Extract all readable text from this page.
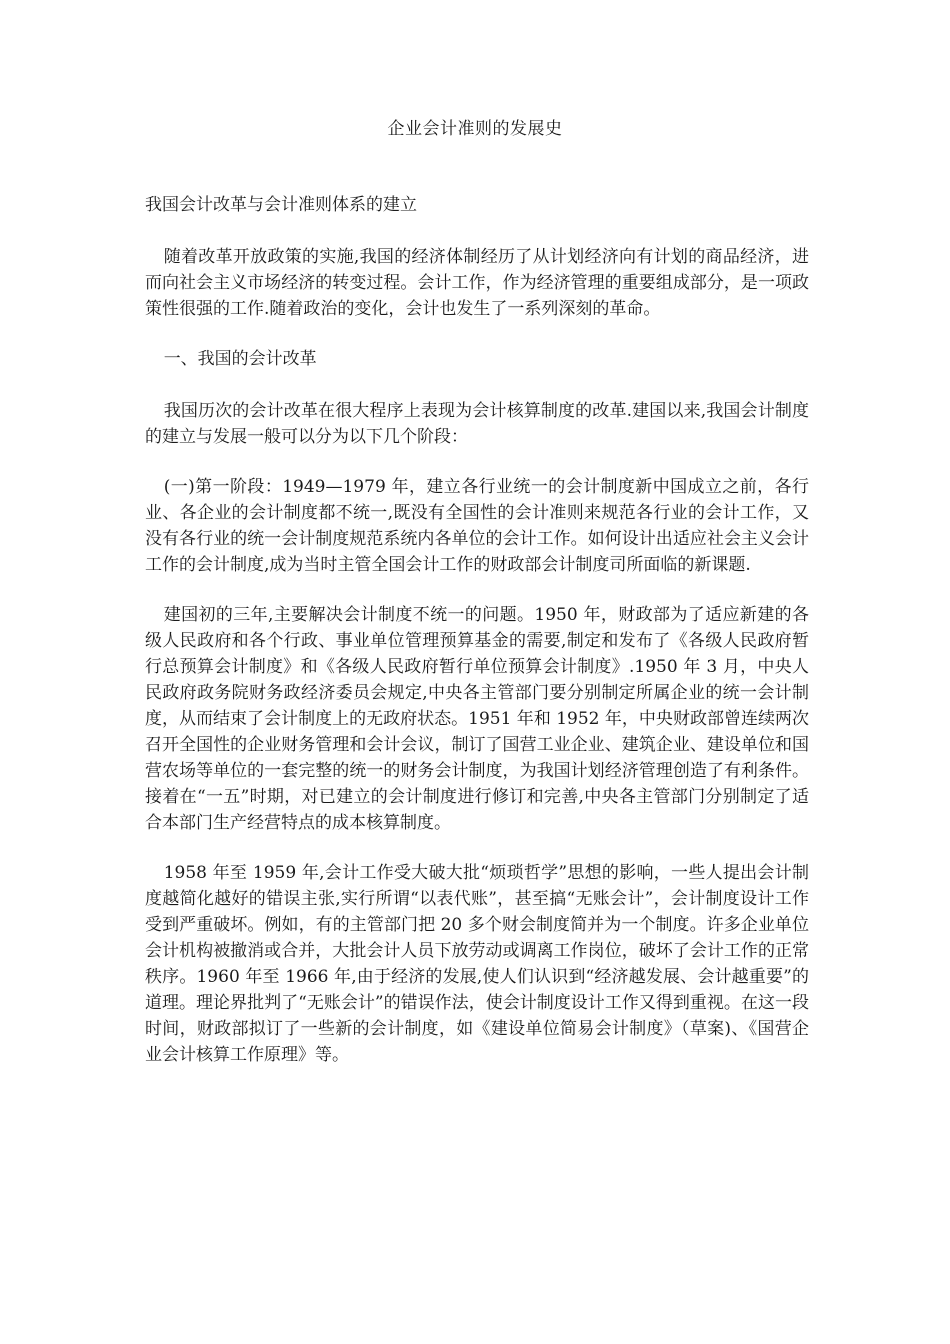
企业会计准则的发展史

我国会计改革与会计准则体系的建立

随着改革开放政策的实施,我国的经济体制经历了从计划经济向有计划的商品经济，进而向社会主义市场经济的转变过程。会计工作，作为经济管理的重要组成部分，是一项政策性很强的工作.随着政治的变化，会计也发生了一系列深刻的革命。

一、我国的会计改革

我国历次的会计改革在很大程序上表现为会计核算制度的改革.建国以来,我国会计制度的建立与发展一般可以分为以下几个阶段：

(一)第一阶段：1949—1979 年，建立各行业统一的会计制度新中国成立之前，各行业、各企业的会计制度都不统一,既没有全国性的会计准则来规范各行业的会计工作，又没有各行业的统一会计制度规范系统内各单位的会计工作。如何设计出适应社会主义会计工作的会计制度,成为当时主管全国会计工作的财政部会计制度司所面临的新课题.

建国初的三年,主要解决会计制度不统一的问题。1950 年，财政部为了适应新建的各级人民政府和各个行政、事业单位管理预算基金的需要,制定和发布了《各级人民政府暂行总预算会计制度》和《各级人民政府暂行单位预算会计制度》.1950 年 3 月，中央人民政府政务院财务政经济委员会规定,中央各主管部门要分别制定所属企业的统一会计制度，从而结束了会计制度上的无政府状态。1951 年和 1952 年，中央财政部曾连续两次召开全国性的企业财务管理和会计会议，制订了国营工业企业、建筑企业、建设单位和国营农场等单位的一套完整的统一的财务会计制度，为我国计划经济管理创造了有利条件。接着在“一五”时期，对已建立的会计制度进行修订和完善,中央各主管部门分别制定了适合本部门生产经营特点的成本核算制度。

1958 年至 1959 年,会计工作受大破大批“烦琐哲学”思想的影响，一些人提出会计制度越简化越好的错误主张,实行所谓“以表代账”，甚至搞“无账会计”，会计制度设计工作受到严重破坏。例如，有的主管部门把 20 多个财会制度简并为一个制度。许多企业单位会计机构被撤消或合并，大批会计人员下放劳动或调离工作岗位，破坏了会计工作的正常秩序。1960 年至 1966 年,由于经济的发展,使人们认识到“经济越发展、会计越重要”的道理。理论界批判了“无账会计”的错误作法，使会计制度设计工作又得到重视。在这一段时间，财政部拟订了一些新的会计制度，如《建设单位简易会计制度》（草案)、《国营企业会计核算工作原理》等。
